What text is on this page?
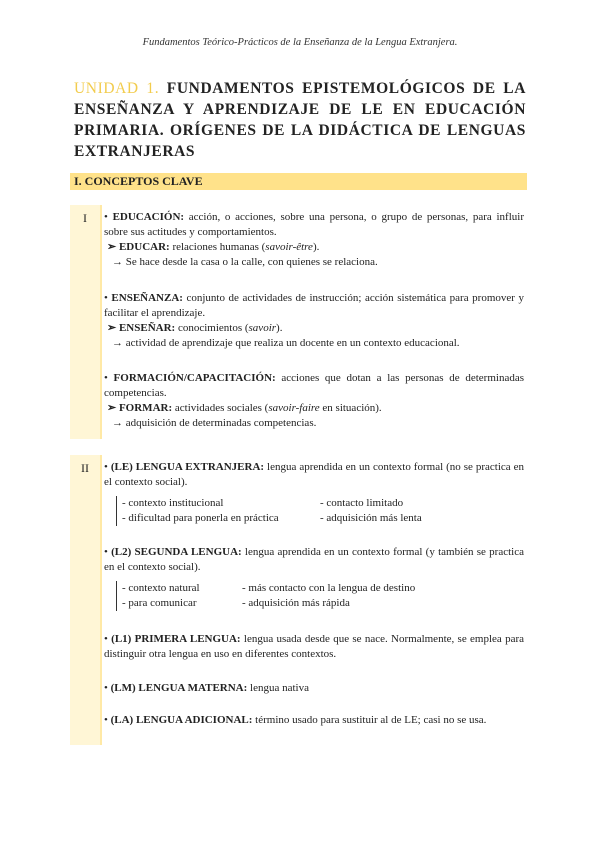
Fundamentos Teórico-Prácticos de la Enseñanza de la Lengua Extranjera.
UNIDAD 1. FUNDAMENTOS EPISTEMOLÓGICOS DE LA ENSEÑANZA Y APRENDIZAJE DE LE EN EDUCACIÓN PRIMARIA. ORÍGENES DE LA DIDÁCTICA DE LENGUAS EXTRANJERAS
I. CONCEPTOS CLAVE
I	• EDUCACIÓN: acción, o acciones, sobre una persona, o grupo de personas, para influir sobre sus actitudes y comportamientos.
➢ EDUCAR: relaciones humanas (savoir-être).
→ Se hace desde la casa o la calle, con quienes se relaciona.
• ENSEÑANZA: conjunto de actividades de instrucción; acción sistemática para promover y facilitar el aprendizaje.
➢ ENSEÑAR: conocimientos (savoir).
→ actividad de aprendizaje que realiza un docente en un contexto educacional.
• FORMACIÓN/CAPACITACIÓN: acciones que dotan a las personas de determinadas competencias.
➢ FORMAR: actividades sociales (savoir-faire en situación).
→ adquisición de determinadas competencias.
II	• (LE) LENGUA EXTRANJERA: lengua aprendida en un contexto formal (no se practica en el contexto social).
- contexto institucional
- dificultad para ponerla en práctica
- contacto limitado
- adquisición más lenta
• (L2) SEGUNDA LENGUA: lengua aprendida en un contexto formal (y también se practica en el contexto social).
- contexto natural
- para comunicar
- más contacto con la lengua de destino
- adquisición más rápida
• (L1) PRIMERA LENGUA: lengua usada desde que se nace. Normalmente, se emplea para distinguir otra lengua en uso en diferentes contextos.
• (LM) LENGUA MATERNA: lengua nativa
• (LA) LENGUA ADICIONAL: término usado para sustituir al de LE; casi no se usa.
